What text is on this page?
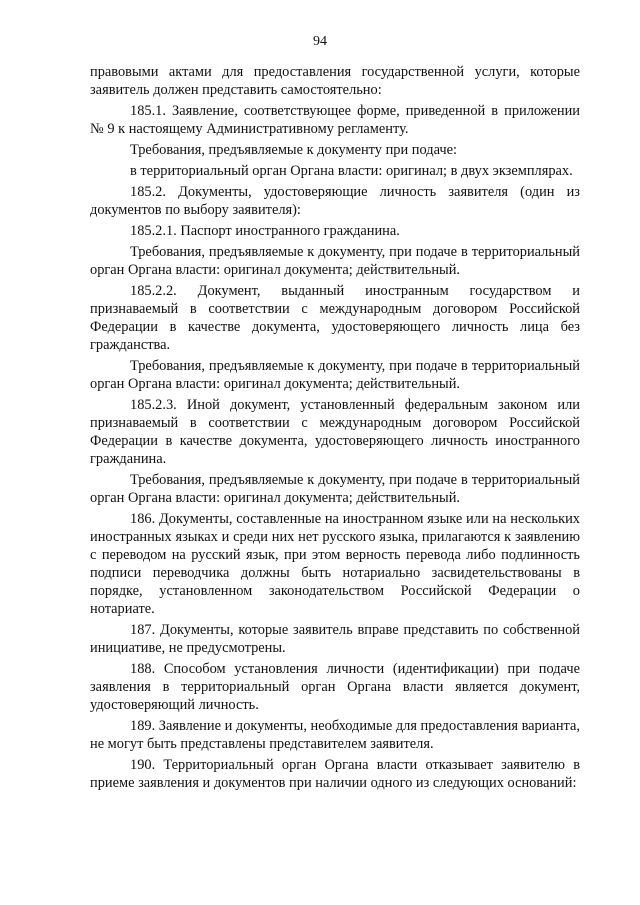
94

правовыми актами для предоставления государственной услуги, которые заявитель должен представить самостоятельно:

185.1. Заявление, соответствующее форме, приведенной в приложении № 9 к настоящему Административному регламенту.

Требования, предъявляемые к документу при подаче:

в территориальный орган Органа власти: оригинал; в двух экземплярах.

185.2. Документы, удостоверяющие личность заявителя (один из документов по выбору заявителя):

185.2.1. Паспорт иностранного гражданина.

Требования, предъявляемые к документу, при подаче в территориальный орган Органа власти: оригинал документа; действительный.

185.2.2. Документ, выданный иностранным государством и признаваемый в соответствии с международным договором Российской Федерации в качестве документа, удостоверяющего личность лица без гражданства.

Требования, предъявляемые к документу, при подаче в территориальный орган Органа власти: оригинал документа; действительный.

185.2.3. Иной документ, установленный федеральным законом или признаваемый в соответствии с международным договором Российской Федерации в качестве документа, удостоверяющего личность иностранного гражданина.

Требования, предъявляемые к документу, при подаче в территориальный орган Органа власти: оригинал документа; действительный.

186. Документы, составленные на иностранном языке или на нескольких иностранных языках и среди них нет русского языка, прилагаются к заявлению с переводом на русский язык, при этом верность перевода либо подлинность подписи переводчика должны быть нотариально засвидетельствованы в порядке, установленном законодательством Российской Федерации о нотариате.

187. Документы, которые заявитель вправе представить по собственной инициативе, не предусмотрены.

188. Способом установления личности (идентификации) при подаче заявления в территориальный орган Органа власти является документ, удостоверяющий личность.

189. Заявление и документы, необходимые для предоставления варианта, не могут быть представлены представителем заявителя.

190. Территориальный орган Органа власти отказывает заявителю в приеме заявления и документов при наличии одного из следующих оснований:
